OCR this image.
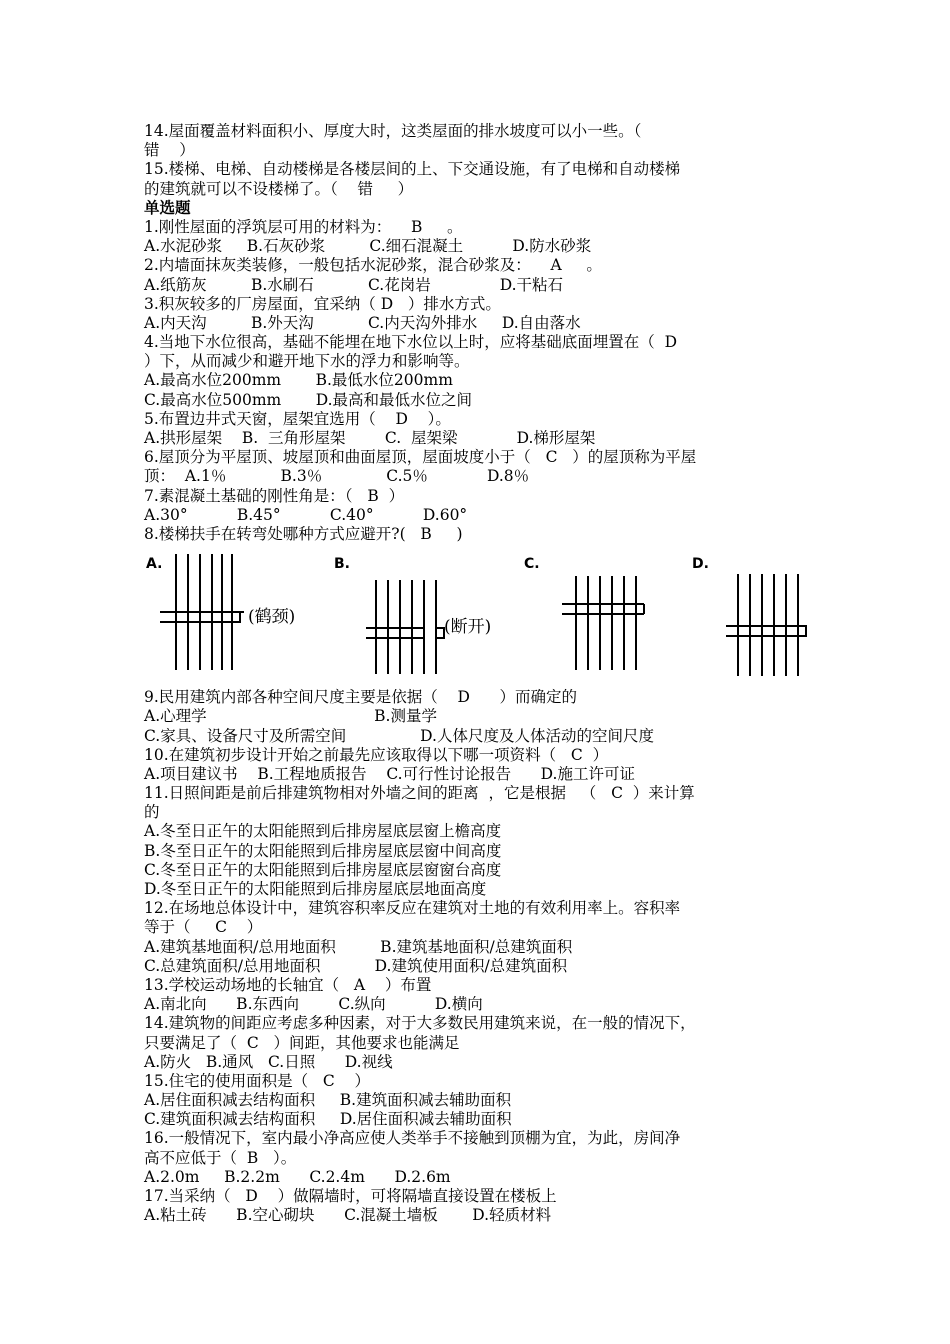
14.屋面覆盖材料面积小、厚度大时，这类屋面的排水坡度可以小一些。（
错    ）
15.楼梯、电梯、自动楼梯是各楼层间的上、下交通设施，有了电梯和自动楼梯
的建筑就可以不设楼梯了。（    错     ）
单选题
1.刚性屋面的浮筑层可用的材料为：    B     。
A.水泥砂浆     B.石灰砂浆         C.细石混凝土          D.防水砂浆
2.内墙面抹灰类装修，一般包括水泥砂浆，混合砂浆及：    A     。
A.纸筋灰         B.水刷石           C.花岗岩              D.干粘石
3.积灰较多的厂房屋面，宜采纳（ D   ）排水方式。
A.内天沟         B.外天沟           C.内天沟外排水     D.自由落水
4.当地下水位很高，基础不能埋在地下水位以上时，应将基础底面埋置在（  D
）下，从而减少和避开地下水的浮力和影响等。
A.最高水位200mm       B.最低水位200mm
C.最高水位500mm       D.最高和最低水位之间
5.布置边井式天窗，屋架宜选用（    D    ）。
A.拱形屋架    B.  三角形屋架        C.  屋架梁            D.梯形屋架
6.屋顶分为平屋顶、坡屋顶和曲面屋顶，屋面坡度小于（   C   ）的屋顶称为平屋
顶：  A.1％           B.3％             C.5％            D.8％
7.素混凝土基础的刚性角是：（   B  ）
A.30°          B.45°          C.40°          D.60°
8.楼梯扶手在转弯处哪种方式应避开?(   B     )
A.
(鹤颈)
B.
(断开)
C.	D.
9.民用建筑内部各种空间尺度主要是依据（    D      ）而确定的
A.心理学                                  B.测量学
C.家具、设备尺寸及所需空间               D.人体尺度及人体活动的空间尺度
10.在建筑初步设计开始之前最先应该取得以下哪一项资料（   C  ）
A.项目建议书    B.工程地质报告    C.可行性讨论报告      D.施工许可证
11.日照间距是前后排建筑物相对外墙之间的距离  ，它是根据   （   C  ）来计算
的
A.冬至日正午的太阳能照到后排房屋底层窗上檐高度
B.冬至日正午的太阳能照到后排房屋底层窗中间高度
C.冬至日正午的太阳能照到后排房屋底层窗窗台高度
D.冬至日正午的太阳能照到后排房屋底层地面高度
12.在场地总体设计中，建筑容积率反应在建筑对土地的有效利用率上。容积率
等于（     C    ）
A.建筑基地面积/总用地面积         B.建筑基地面积/总建筑面积
C.总建筑面积/总用地面积           D.建筑使用面积/总建筑面积
13.学校运动场地的长轴宜（   A    ）布置
A.南北向      B.东西向        C.纵向          D.横向
14.建筑物的间距应考虑多种因素，对于大多数民用建筑来说，在一般的情况下，
只要满足了（  C   ）间距，其他要求也能满足
A.防火   B.通风   C.日照      D.视线
15.住宅的使用面积是（   C    ）
A.居住面积减去结构面积     B.建筑面积减去辅助面积
C.建筑面积减去结构面积     D.居住面积减去辅助面积
16.一般情况下，室内最小净高应使人类举手不接触到顶棚为宜，为此，房间净
高不应低于（  B   ）。
A.2.0m     B.2.2m      C.2.4m      D.2.6m
17.当采纳（   D    ）做隔墙时，可将隔墙直接设置在楼板上
A.粘土砖      B.空心砌块      C.混凝土墙板       D.轻质材料
